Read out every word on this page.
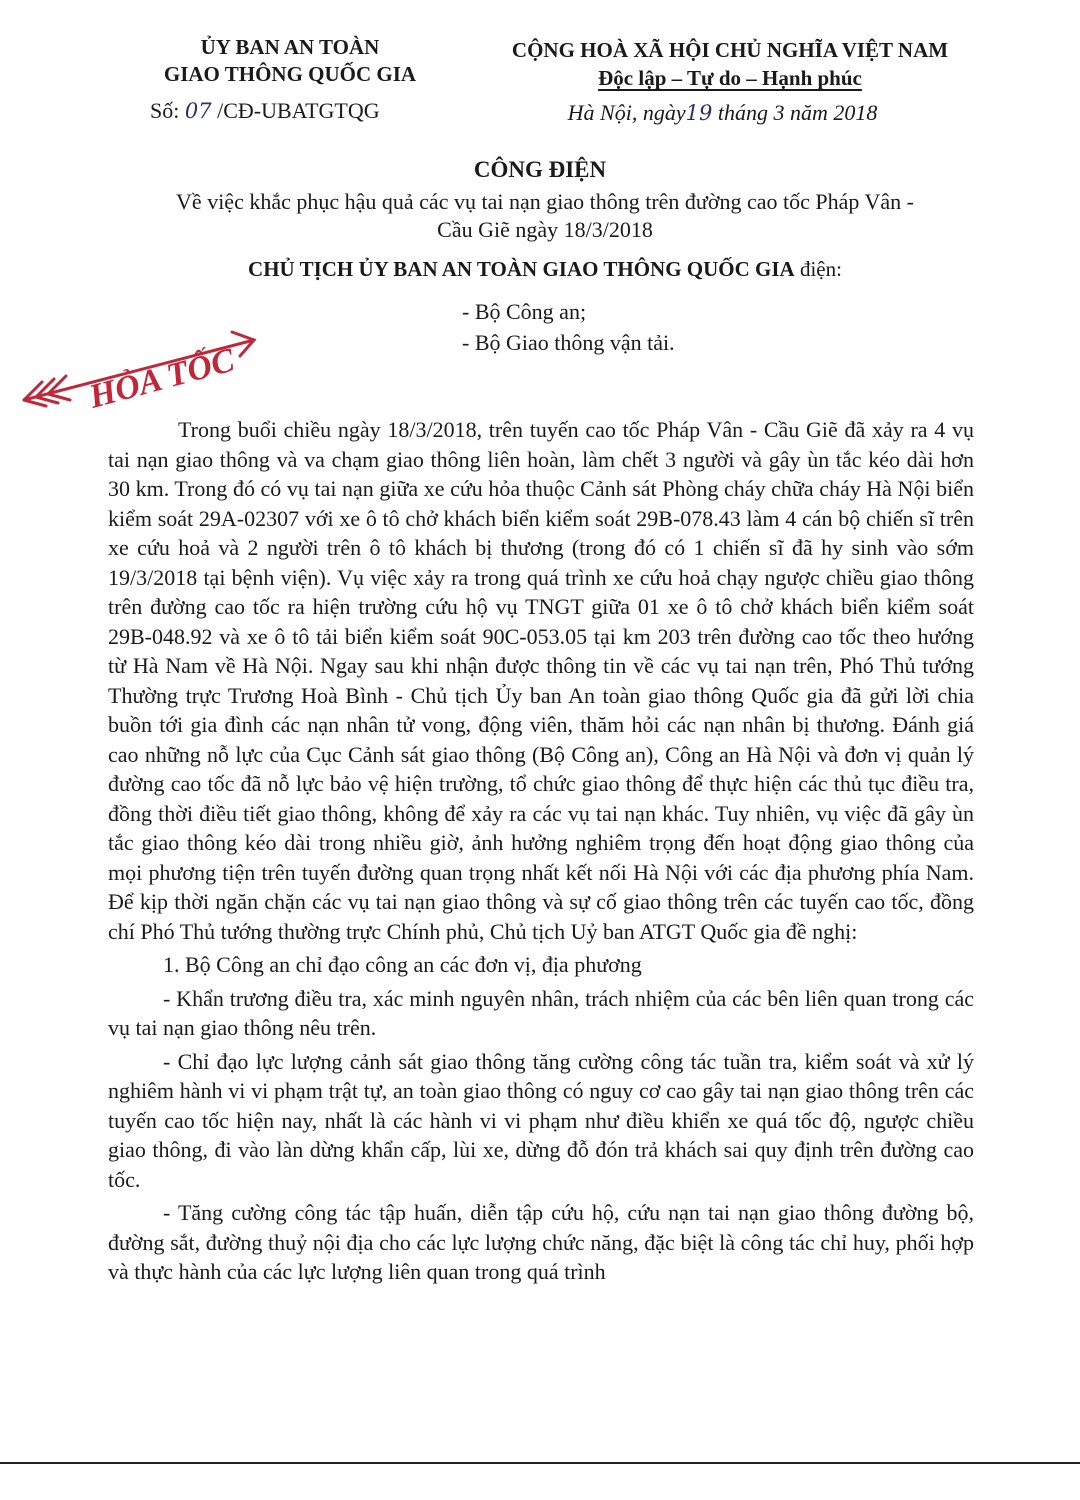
ỦY BAN AN TOÀN
GIAO THÔNG QUỐC GIA
Số: 07 /CĐ-UBATGTQG
CỘNG HOÀ XÃ HỘI CHỦ NGHĨA VIỆT NAM
Độc lập – Tự do – Hạnh phúc
Hà Nội, ngày19 tháng 3 năm 2018
CÔNG ĐIỆN
Về việc khắc phục hậu quả các vụ tai nạn giao thông trên đường cao tốc Pháp Vân -
Cầu Giẽ ngày 18/3/2018
CHỦ TỊCH ỦY BAN AN TOÀN GIAO THÔNG QUỐC GIA điện:
- Bộ Công an;
- Bộ Giao thông vận tải.
HỎA TỐC

Trong buổi chiều ngày 18/3/2018, trên tuyến cao tốc Pháp Vân - Cầu Giẽ đã xảy ra 4 vụ tai nạn giao thông và va chạm giao thông liên hoàn, làm chết 3 người và gây ùn tắc kéo dài hơn 30 km. Trong đó có vụ tai nạn giữa xe cứu hỏa thuộc Cảnh sát Phòng cháy chữa cháy Hà Nội biển kiểm soát 29A-02307 với xe ô tô chở khách biển kiểm soát 29B-078.43 làm 4 cán bộ chiến sĩ trên xe cứu hoả và 2 người trên ô tô khách bị thương (trong đó có 1 chiến sĩ đã hy sinh vào sớm 19/3/2018 tại bệnh viện). Vụ việc xảy ra trong quá trình xe cứu hoả chạy ngược chiều giao thông trên đường cao tốc ra hiện trường cứu hộ vụ TNGT giữa 01 xe ô tô chở khách biển kiểm soát 29B-048.92 và xe ô tô tải biển kiểm soát 90C-053.05 tại km 203 trên đường cao tốc theo hướng từ Hà Nam về Hà Nội. Ngay sau khi nhận được thông tin về các vụ tai nạn trên, Phó Thủ tướng Thường trực Trương Hoà Bình - Chủ tịch Ủy ban An toàn giao thông Quốc gia đã gửi lời chia buồn tới gia đình các nạn nhân tử vong, động viên, thăm hỏi các nạn nhân bị thương. Đánh giá cao những nỗ lực của Cục Cảnh sát giao thông (Bộ Công an), Công an Hà Nội và đơn vị quản lý đường cao tốc đã nỗ lực bảo vệ hiện trường, tổ chức giao thông để thực hiện các thủ tục điều tra, đồng thời điều tiết giao thông, không để xảy ra các vụ tai nạn khác. Tuy nhiên, vụ việc đã gây ùn tắc giao thông kéo dài trong nhiều giờ, ảnh hưởng nghiêm trọng đến hoạt động giao thông của mọi phương tiện trên tuyến đường quan trọng nhất kết nối Hà Nội với các địa phương phía Nam. Để kịp thời ngăn chặn các vụ tai nạn giao thông và sự cố giao thông trên các tuyến cao tốc, đồng chí Phó Thủ tướng thường trực Chính phủ, Chủ tịch Uỷ ban ATGT Quốc gia đề nghị:

1. Bộ Công an chỉ đạo công an các đơn vị, địa phương

- Khẩn trương điều tra, xác minh nguyên nhân, trách nhiệm của các bên liên quan trong các vụ tai nạn giao thông nêu trên.

- Chỉ đạo lực lượng cảnh sát giao thông tăng cường công tác tuần tra, kiểm soát và xử lý nghiêm hành vi vi phạm trật tự, an toàn giao thông có nguy cơ cao gây tai nạn giao thông trên các tuyến cao tốc hiện nay, nhất là các hành vi vi phạm như điều khiển xe quá tốc độ, ngược chiều giao thông, đi vào làn dừng khẩn cấp, lùi xe, dừng đỗ đón trả khách sai quy định trên đường cao tốc.

- Tăng cường công tác tập huấn, diễn tập cứu hộ, cứu nạn tai nạn giao thông đường bộ, đường sắt, đường thuỷ nội địa cho các lực lượng chức năng, đặc biệt là công tác chỉ huy, phối hợp và thực hành của các lực lượng liên quan trong quá trình
